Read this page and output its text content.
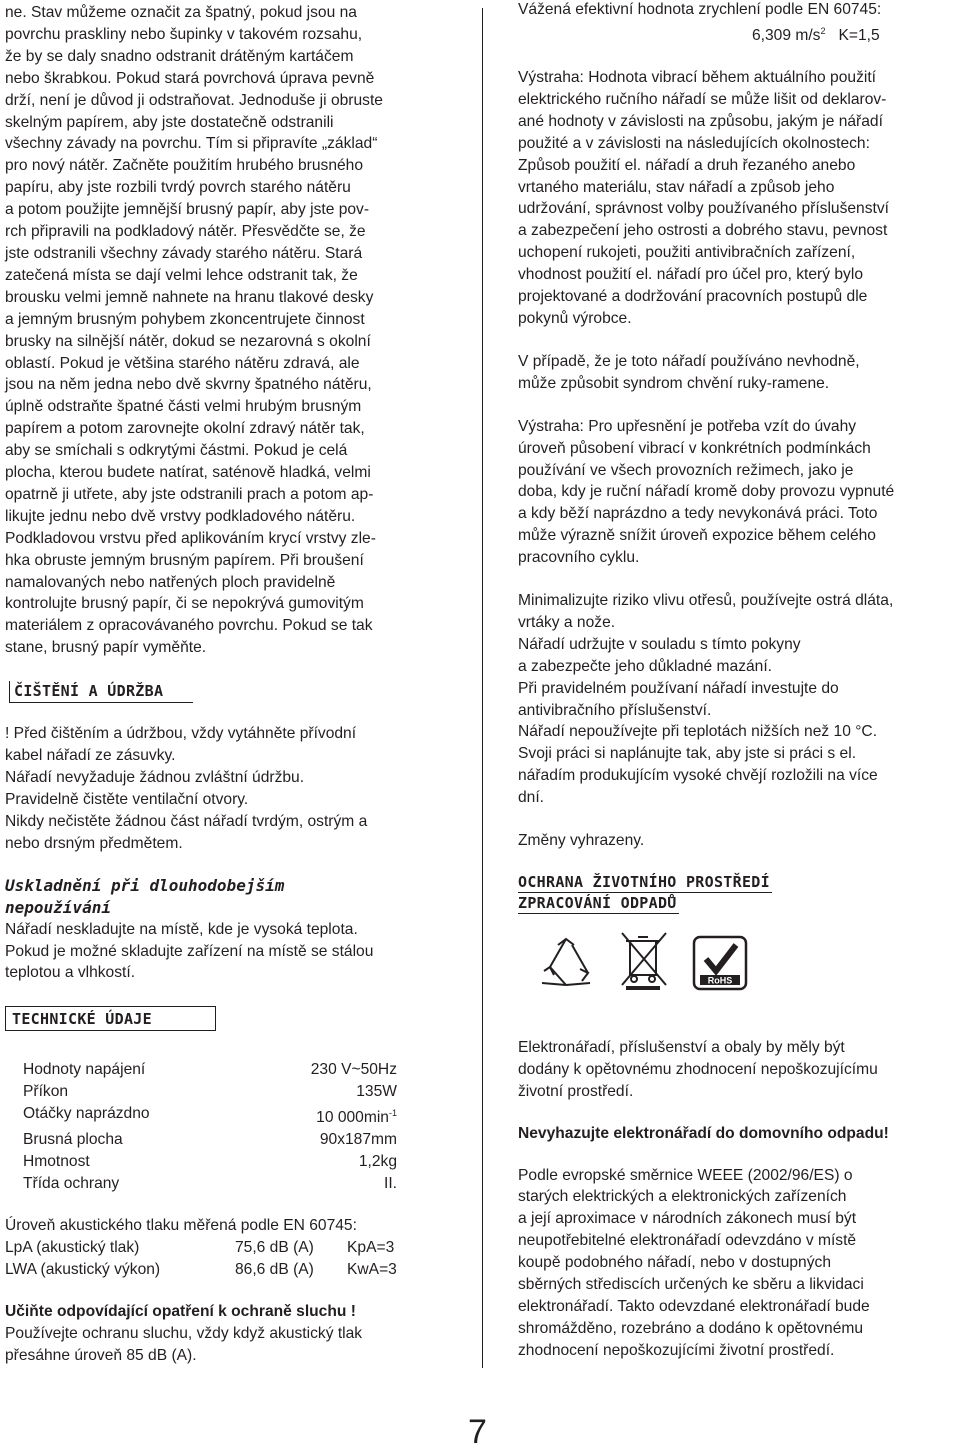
ne. Stav můžeme označit za špatný, pokud jsou na

povrchu praskliny nebo šupinky v takovém rozsahu,

že by se daly snadno odstranit drátěným kartáčem

nebo škrabkou. Pokud stará povrchová úprava pevně

drží, není je důvod ji odstraňovat. Jednoduše ji obruste

skelným papírem, aby jste dostatečně odstranili

všechny závady na povrchu. Tím si připravíte „základ“

pro nový nátěr. Začněte použitím hrubého brusného

papíru, aby jste rozbili tvrdý povrch starého nátěru

a potom použijte jemnější brusný papír, aby jste pov-

rch připravili na podkladový nátěr. Přesvědčte se, že

jste odstranili všechny závady starého nátěru. Stará

zatečená místa se dají velmi lehce odstranit tak, že

brousku velmi jemně nahnete na hranu tlakové desky

a jemným brusným pohybem zkoncentrujete činnost

brusky na silnější nátěr, dokud se nezarovná s okolní

oblastí. Pokud je většina starého nátěru zdravá, ale

jsou na něm jedna nebo dvě skvrny špatného nátěru,

úplně odstraňte špatné části velmi hrubým brusným

papírem a potom zarovnejte okolní zdravý nátěr tak,

aby se smíchali s odkrytými částmi. Pokud je celá

plocha, kterou budete natírat, saténově hladká, velmi

opatrně ji utřete, aby jste odstranili prach a potom ap-

likujte jednu nebo dvě vrstvy podkladového nátěru.

Podkladovou vrstvu před aplikováním krycí vrstvy zle-

hka obruste jemným brusným papírem. Při broušení

namalovaných nebo natřených ploch pravidelně

kontrolujte brusný papír, či se nepokrývá gumovitým

materiálem z opracovávaného povrchu. Pokud se tak

stane, brusný papír vyměňte.

ČIŠTĚNÍ A ÚDRŽBA

! Před čištěním a údržbou, vždy vytáhněte přívodní

kabel nářadí ze zásuvky.

Nářadí nevyžaduje žádnou zvláštní údržbu.

Pravidelně čistěte ventilační otvory.

Nikdy nečistěte žádnou část nářadí tvrdým, ostrým a

nebo drsným předmětem.

Uskladnění při dlouhodobejším
nepoužívání

Nářadí neskladujte na místě, kde je vysoká teplota.

Pokud je možné skladujte zařízení na místě se stálou

teplotou a vlhkostí.

TECHNICKÉ ÚDAJE
Hodnoty napájení	230 V~50Hz
Příkon	135W
Otáčky naprázdno	10 $000\min^{-1}$
Brusná plocha	90x187mm
Hmotnost	1,2kg
Třída ochrany	II.

Úroveň akustického tlaku měřená podle EN 60745:

LpA (akustický tlak)	75,6 dB (A)	KpA=3
LWA (akustický výkon)	86,6 dB (A)	KwA=3

Učiňte odpovídající opatření k ochraně sluchu !

Používejte ochranu sluchu, vždy když akustický tlak

přesáhne úroveň 85 dB (A).

Vážená efektivní hodnota zrychlení podle EN 60745:

6,309 $m/s^2$ K=1,5

Výstraha: Hodnota vibrací během aktuálního použití

elektrického ručního nářadí se může lišit od deklarov-

ané hodnoty v závislosti na způsobu, jakým je nářadí

použité a v závislosti na následujících okolnostech:

Způsob použití el. nářadí a druh řezaného anebo

vrtaného materiálu, stav nářadí a způsob jeho

udržování, správnost volby používaného příslušenství

a zabezpečení jeho ostrosti a dobrého stavu, pevnost

uchopení rukojeti, použiti antivibračních zařízení,

vhodnost použití el. nářadí pro účel pro, který bylo

projektované a dodržování pracovních postupů dle

pokynů výrobce.

V případě, že je toto nářadí používáno nevhodně,

může způsobit syndrom chvění ruky-ramene.

Výstraha: Pro upřesnění je potřeba vzít do úvahy

úroveň působení vibrací v konkrétních podmínkách

používání ve všech provozních režimech, jako je

doba, kdy je ruční nářadí kromě doby provozu vypnuté

a kdy běží naprázdno a tedy nevykonává práci. Toto

může výrazně snížit úroveň expozice během celého

pracovního cyklu.

Minimalizujte riziko vlivu otřesů, používejte ostrá dláta,

vrtáky a nože.

Nářadí udržujte v souladu s tímto pokyny

a zabezpečte jeho důkladné mazání.

Při pravidelném používaní nářadí investujte do

antivibračního příslušenství.

Nářadí nepoužívejte při teplotách nižších než 10 °C.

Svoji práci si naplánujte tak, aby jste si práci s el.

nářadím produkujícím vysoké chvějí rozložili na více

dní.

Změny vyhrazeny.

OCHRANA ŽIVOTNÍHO PROSTŘEDÍ
ZPRACOVÁNÍ ODPADŮ

RoHS

Elektronářadí, příslušenství a obaly by měly být

dodány k opětovnému zhodnocení nepoškozujícímu

životní prostředí.

Nevyhazujte elektronářadí do domovního odpadu!

Podle evropské směrnice WEEE (2002/96/ES) o

starých elektrických a elektronických zařízeních

a její aproximace v národních zákonech musí být

neupotřebitelné elektronářadí odevzdáno v místě

koupě podobného nářadí, nebo v dostupných

sběrných střediscích určených ke sběru a likvidaci

elektronářadí. Takto odevzdané elektronářadí bude

shromážděno, rozebráno a dodáno k opětovnému

zhodnocení nepoškozujícími životní prostředí.

7
